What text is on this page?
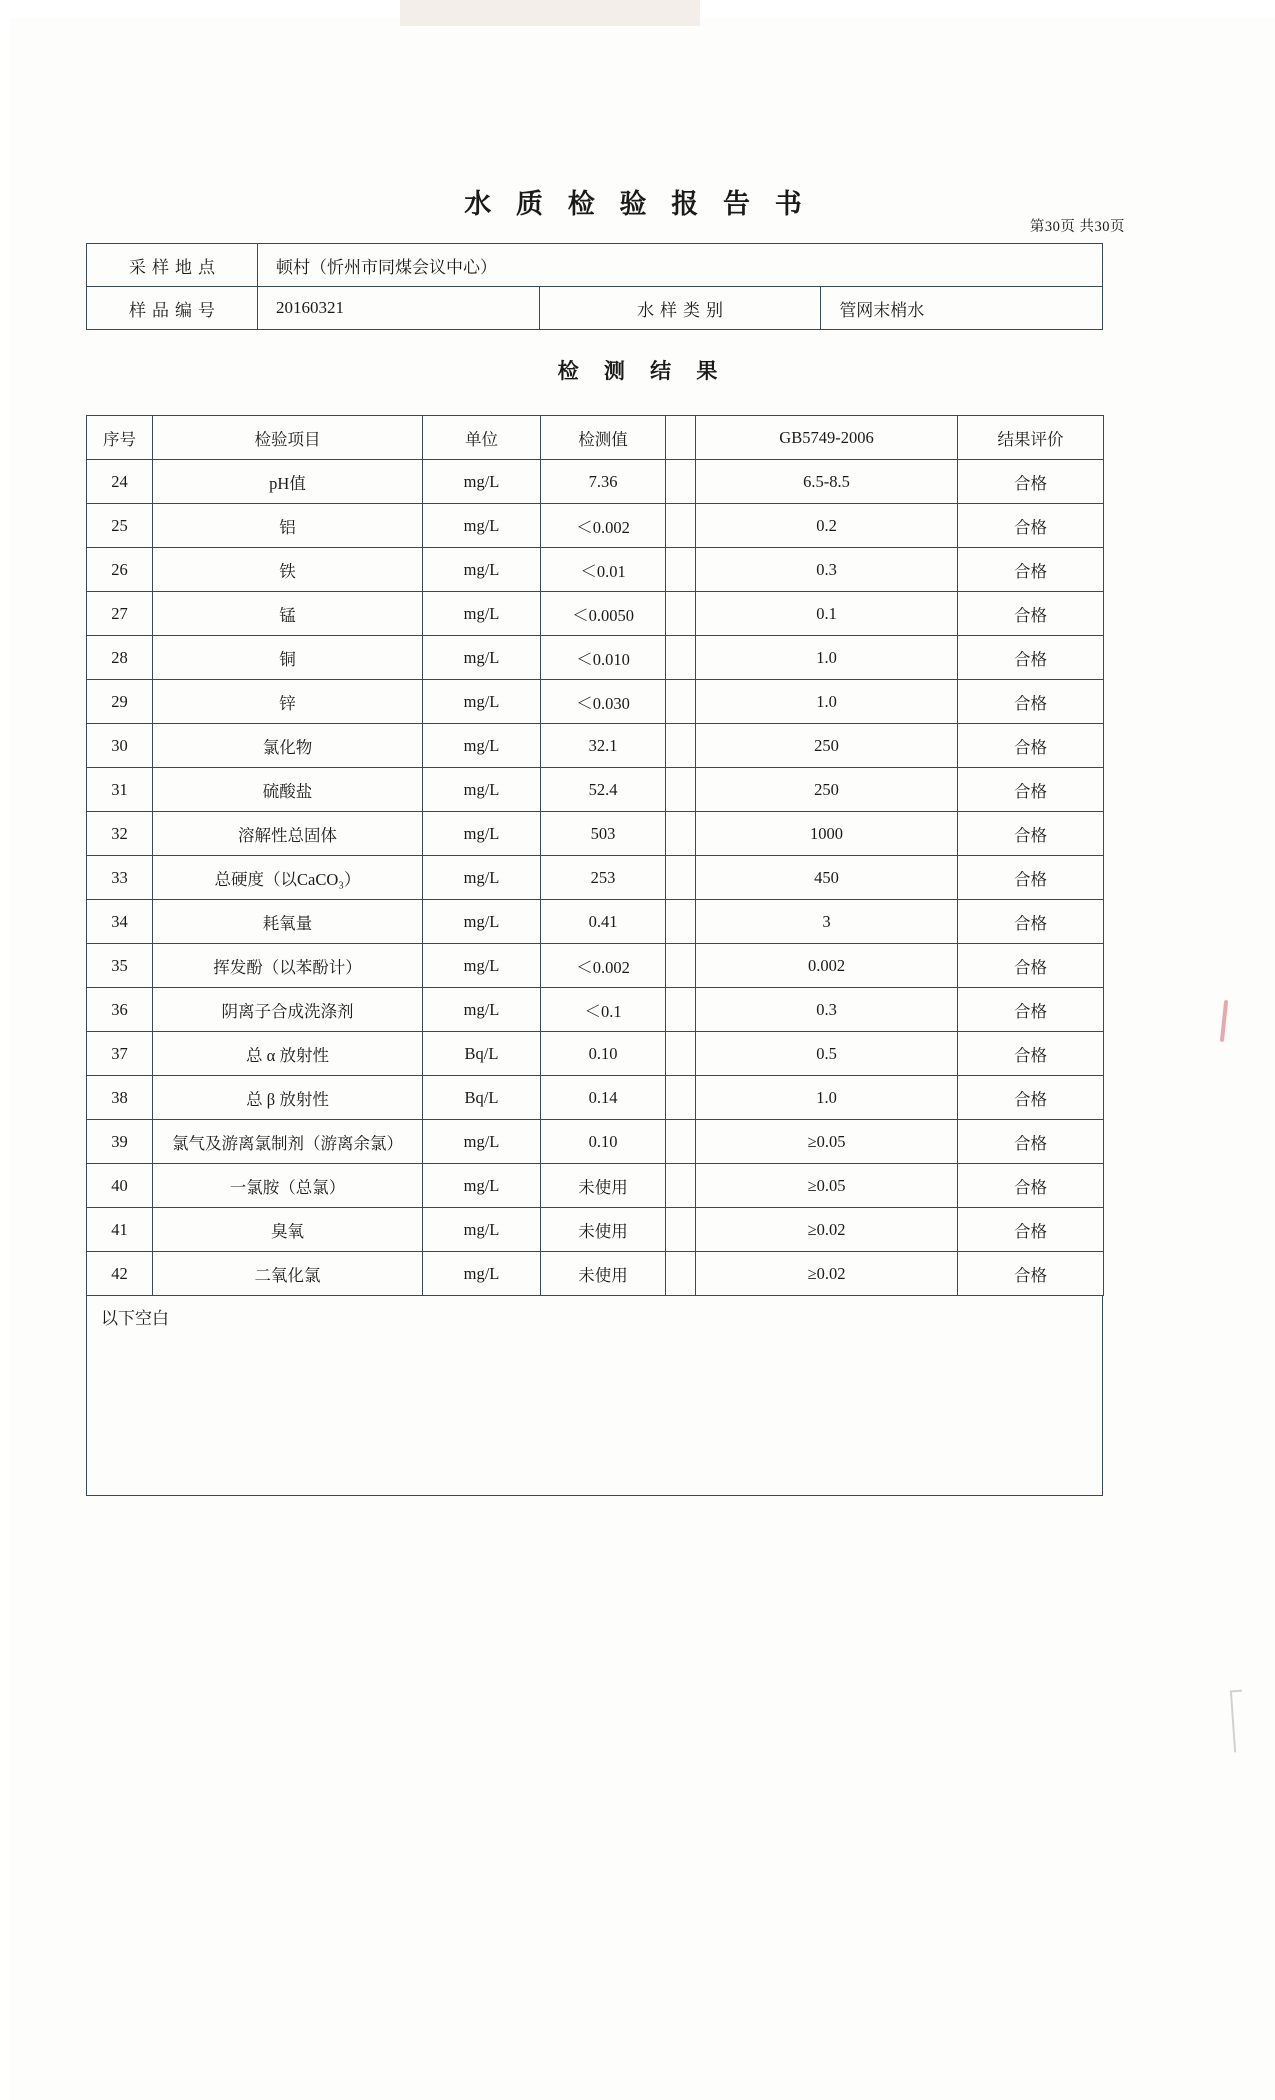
水 质 检 验 报 告 书
第30页 共30页
采样地点	顿村（忻州市同煤会议中心）		
样品编号	20160321	水样类别	管网末梢水
检 测 结 果
序号	检验项目	单位	检测值		GB5749-2006	结果评价
24	pH值	mg/L	7.36		6.5-8.5	合格
25	铝	mg/L	＜0.002		0.2	合格
26	铁	mg/L	＜0.01		0.3	合格
27	锰	mg/L	＜0.0050		0.1	合格
28	铜	mg/L	＜0.010		1.0	合格
29	锌	mg/L	＜0.030		1.0	合格
30	氯化物	mg/L	32.1		250	合格
31	硫酸盐	mg/L	52.4		250	合格
32	溶解性总固体	mg/L	503		1000	合格
33	总硬度（以CaCO₃）	mg/L	253		450	合格
34	耗氧量	mg/L	0.41		3	合格
35	挥发酚（以苯酚计）	mg/L	＜0.002		0.002	合格
36	阴离子合成洗涤剂	mg/L	＜0.1		0.3	合格
37	总 α 放射性	Bq/L	0.10		0.5	合格
38	总 β 放射性	Bq/L	0.14		1.0	合格
39	氯气及游离氯制剂（游离余氯）	mg/L	0.10		≥0.05	合格
40	一氯胺（总氯）	mg/L	未使用		≥0.05	合格
41	臭氧	mg/L	未使用		≥0.02	合格
42	二氧化氯	mg/L	未使用		≥0.02	合格
以下空白
